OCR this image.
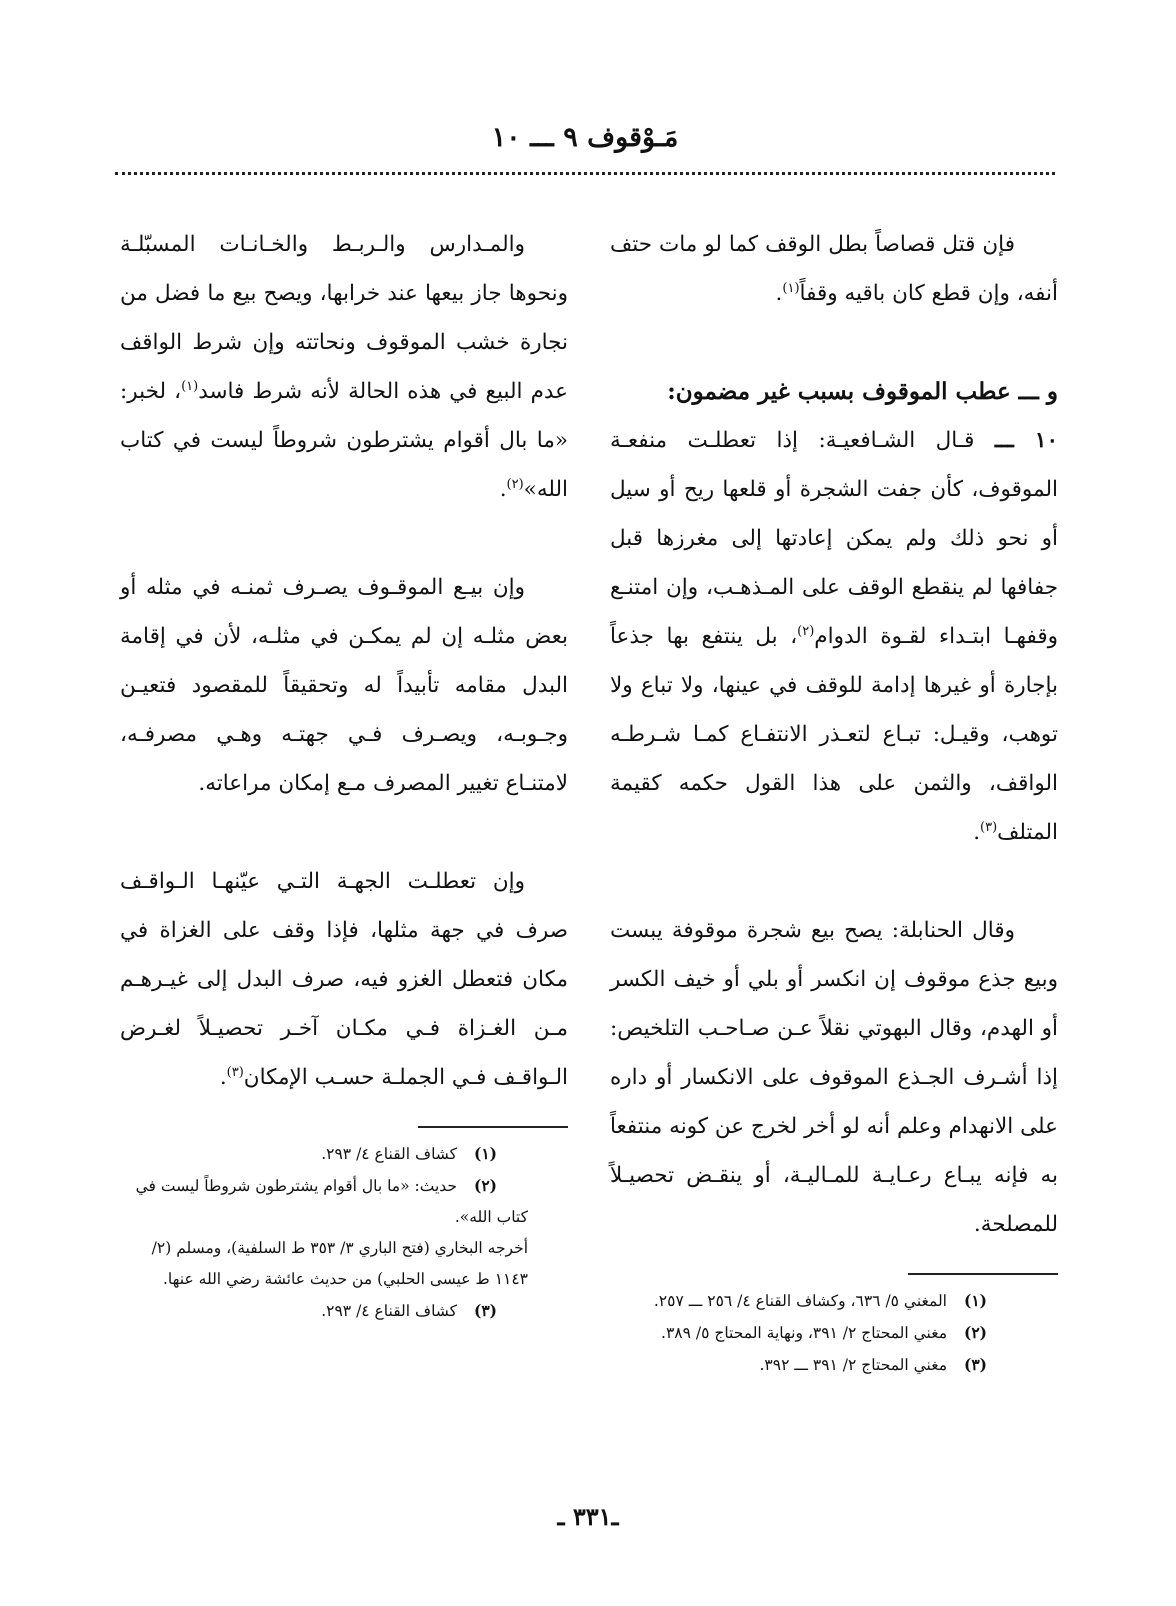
مَـوْقوف ٩ ـــ ١٠

فإن قتل قصاصاً بطل الوقف كما لو مات حتف أنفه، وإن قطع كان باقيه وقفاً$^{(١)}$.

و ـــ عطب الموقوف بسبب غير مضمون:

١٠ ـــ قـال الشـافعيـة: إذا تعطلـت منفعـة الموقوف، كأن جفت الشجرة أو قلعها ريح أو سيل أو نحو ذلك ولم يمكن إعادتها إلى مغرزها قبل جفافها لم ينقطع الوقف على المـذهـب، وإن امتنـع وقفهـا ابتـداء لقـوة الدوام$^{(٢)}$، بل ينتفع بها جذعاً بإجارة أو غيرها إدامة للوقف في عينها، ولا تباع ولا توهب، وقيـل: تبـاع لتعـذر الانتفـاع كمـا شـرطـه الواقف، والثمن على هذا القول حكمه كقيمة المتلف$^{(٣)}$.

وقال الحنابلة: يصح بيع شجرة موقوفة يبست وبيع جذع موقوف إن انكسر أو بلي أو خيف الكسر أو الهدم، وقال البهوتي نقلاً عـن صـاحـب التلخيص: إذا أشـرف الجـذع الموقوف على الانكسار أو داره على الانهدام وعلم أنه لو أخر لخرج عن كونه منتفعاً به فإنه يبـاع رعـايـة للمـاليـة، أو ينقـض تحصيـلاً للمصلحة.

(١)المغني ٥/ ٦٣٦، وكشاف القناع ٤/ ٢٥٦ ـــ ٢٥٧.

(٢)مغني المحتاج ٢/ ٣٩١، ونهاية المحتاج ٥/ ٣٨٩.

(٣)مغني المحتاج ٢/ ٣٩١ ـــ ٣٩٢.

والمـدارس والـربـط والخـانـات المسبّلـة ونحوها جاز بيعها عند خرابها، ويصح بيع ما فضل من نجارة خشب الموقوف ونحاتته وإن شرط الواقف عدم البيع في هذه الحالة لأنه شرط فاسد$^{(١)}$، لخبر: «ما بال أقوام يشترطون شروطاً ليست في كتاب الله»$^{(٢)}$.

وإن بيـع الموقـوف يصـرف ثمنـه في مثله أو بعض مثلـه إن لم يمكـن في مثلـه، لأن في إقامة البدل مقامه تأبيداً له وتحقيقاً للمقصود فتعيـن وجـوبـه، ويصـرف فـي جهتـه وهـي مصرفـه، لامتنـاع تغيير المصرف مـع إمكان مراعاته.

وإن تعطلـت الجهـة التـي عيّنهـا الـواقـف صرف في جهة مثلها، فإذا وقف على الغزاة في مكان فتعطل الغزو فيه، صرف البدل إلى غيـرهـم مـن الغـزاة فـي مكـان آخـر تحصيـلاً لغـرض الـواقـف فـي الجملـة حسـب الإمكان$^{(٣)}$.

(١)كشاف القناع ٤/ ٢٩٣.

(٢)حديث: «ما بال أقوام يشترطون شروطاً ليست في كتاب الله».

أخرجه البخاري (فتح الباري ٣/ ٣٥٣ ط السلفية)، ومسلم (٢/ ١١٤٣ ط عيسى الحلبي) من حديث عائشة رضي الله عنها.

(٣)كشاف القناع ٤/ ٢٩٣.

ـ٣٣١ ـ
